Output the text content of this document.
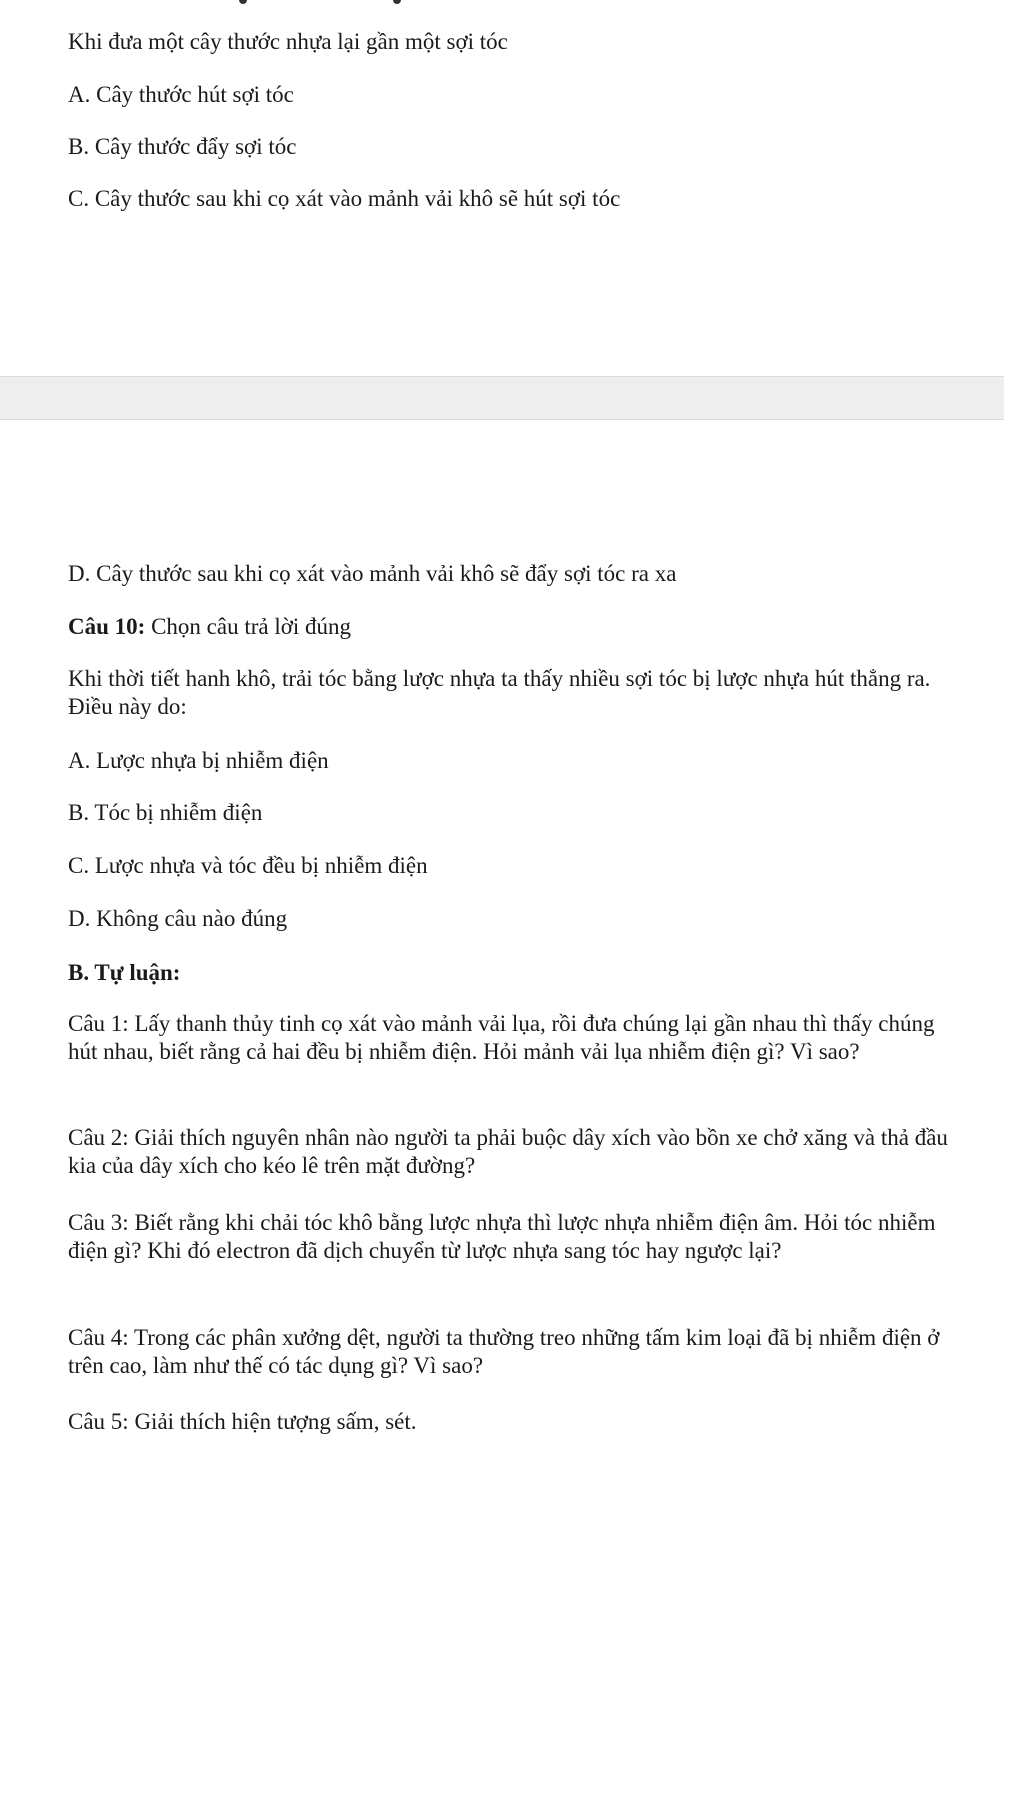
Khi đưa một cây thước nhựa lại gần một sợi tóc
A. Cây thước hút sợi tóc
B. Cây thước đẩy sợi tóc
C. Cây thước sau khi cọ xát vào mảnh vải khô sẽ hút sợi tóc
D. Cây thước sau khi cọ xát vào mảnh vải khô sẽ đẩy sợi tóc ra xa
Câu 10: Chọn câu trả lời đúng
Khi thời tiết hanh khô, trải tóc bằng lược nhựa ta thấy nhiều sợi tóc bị lược nhựa hút thẳng ra. Điều này do:
A. Lược nhựa bị nhiễm điện
B. Tóc bị nhiễm điện
C. Lược nhựa và tóc đều bị nhiễm điện
D. Không câu nào đúng
B. Tự luận:
Câu 1: Lấy thanh thủy tinh cọ xát vào mảnh vải lụa, rồi đưa chúng lại gần nhau thì thấy chúng hút nhau, biết rằng cả hai đều bị nhiễm điện. Hỏi mảnh vải lụa nhiễm điện gì? Vì sao?
Câu 2: Giải thích nguyên nhân nào người ta phải buộc dây xích vào bồn xe chở xăng và thả đầu kia của dây xích cho kéo lê trên mặt đường?
Câu 3: Biết rằng khi chải tóc khô bằng lược nhựa thì lược nhựa nhiễm điện âm. Hỏi tóc nhiễm điện gì? Khi đó electron đã dịch chuyển từ lược nhựa sang tóc hay ngược lại?
Câu 4: Trong các phân xưởng dệt, người ta thường treo những tấm kim loại đã bị nhiễm điện ở trên cao, làm như thế có tác dụng gì? Vì sao?
Câu 5: Giải thích hiện tượng sấm, sét.
